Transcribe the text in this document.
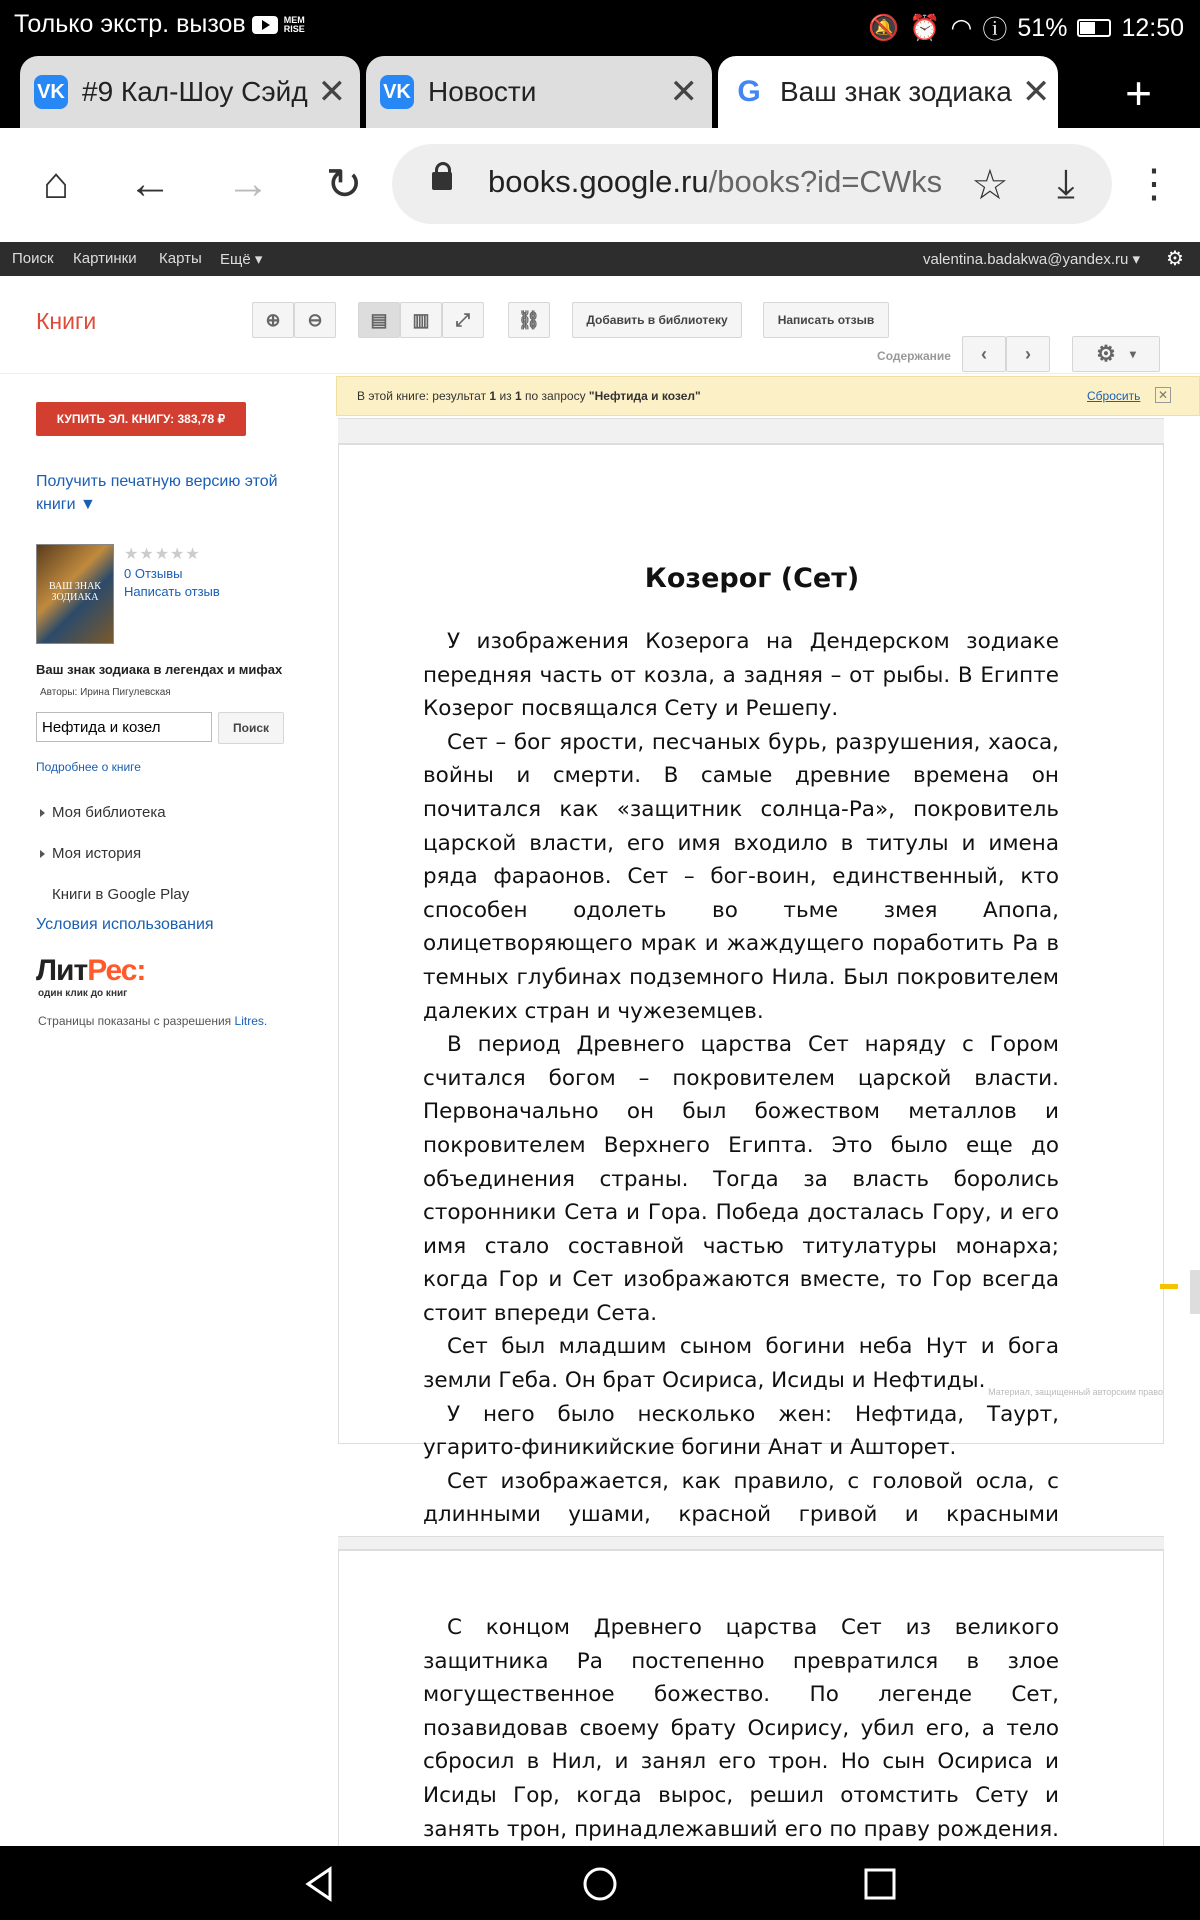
Только экстр. вызов	MEM RISE	🔕 ⏰ ◠ ⓘ 51% 12:50
VK #9 Кал-Шоу Сэйд ✕ VK Новости	✕ G Ваш знак зодиака ✕ +
⌂	← → ↻	books.google.ru/books?id=CWks ☆	⤓	⋮
Поиск Картинки Карты Ещё ▾	valentina.badakwa@yandex.ru ▾ ⚙
Книги	⊕	⊖	▤	▥	⤢	⛓	Добавить в библиотеку	Написать отзыв
Содержание	‹	›	⚙ ▾
КУПИТЬ ЭЛ. КНИГУ: 383,78 ₽
Получить печатную версию этой книги ▼
ВАШ ЗНАК ЗОДИАКА
★★★★★
0 Отзывы
Написать отзыв
Ваш знак зодиака в легендах и мифах
Авторы: Ирина Пигулевская
Нефтида и козел
Поиск
Подробнее о книге
Моя библиотека
Моя история
Книги в Google Play
Условия использования
ЛитРес:
один клик до книг
Страницы показаны с разрешения Litres.
В этой книге: результат 1 из 1 по запросу "Нефтида и козел"	Сбросить ✕
Козерог (Сет)

У изображения Козерога на Дендерском зодиаке передняя часть от козла, а задняя – от рыбы. В Египте Козерог посвящался Сету и Решепу.

Сет – бог ярости, песчаных бурь, разрушения, хаоса, войны и смерти. В самые древние времена он почитался как «защитник солнца-Ра», покровитель царской власти, его имя входило в титулы и имена ряда фараонов. Сет – бог-воин, единственный, кто способен одолеть во тьме змея Апопа, олицетворяющего мрак и жаждущего поработить Ра в темных глубинах подземного Нила. Был покровителем далеких стран и чужеземцев.

В период Древнего царства Сет наряду с Гором считался богом – покровителем царской власти. Первоначально он был божеством металлов и покровителем Верхнего Египта. Это было еще до объединения страны. Тогда за власть боролись сторонники Сета и Гора. Победа досталась Гору, и его имя стало составной частью титулатуры монарха; когда Гор и Сет изображаются вместе, то Гор всегда стоит впереди Сета.

Сет был младшим сыном богини неба Нут и бога земли Геба. Он брат Осириса, Исиды и Нефтиды.

У него было несколько жен: Нефтида, Таурт, угарито-финикийские богини Анат и Ашторет.

Сет изображается, как правило, с головой осла, с длинными ушами, красной гривой и красными

Материал, защищенный авторским право

С концом Древнего царства Сет из великого защитника Ра постепенно превратился в злое могущественное божество. По легенде Сет, позавидовав своему брату Осирису, убил его, а тело сбросил в Нил, и занял его трон. Но сын Осириса и Исиды Гор, когда вырос, решил отомстить Сету и занять трон, принадлежавший его по праву рождения.
